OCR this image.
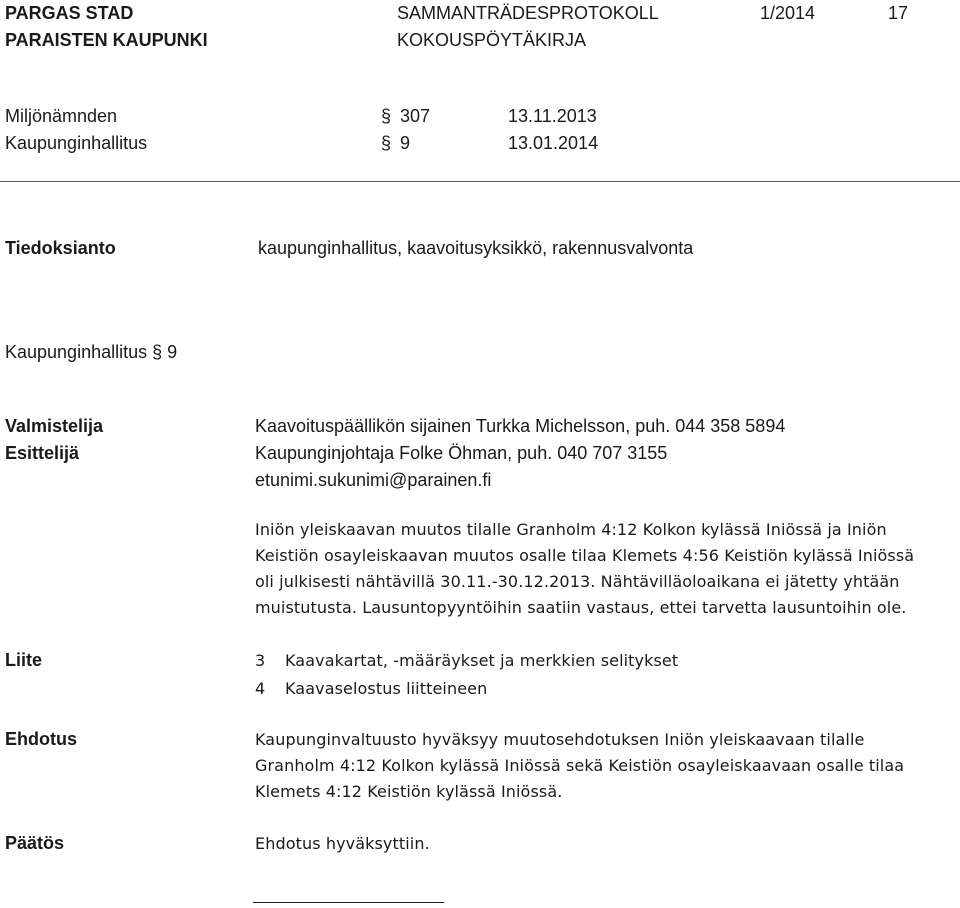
PARGAS STAD
PARAISTEN KAUPUNKI
SAMMANTRÄDESPROTOKOLL
KOKOUSPÖYTÄKIRJA
1/2014	17
Miljönämnden	§ 307	13.11.2013
Kaupunginhallitus	§ 9	13.01.2014
Tiedoksianto	kaupunginhallitus, kaavoitusyksikkö, rakennusvalvonta
Kaupunginhallitus § 9
Valmistelija	Kaavoituspäällikön sijainen Turkka Michelsson, puh. 044 358 5894
Esittelijä	Kaupunginjohtaja Folke Öhman, puh. 040 707 3155
etunimi.sukunimi@parainen.fi
Iniön yleiskaavan muutos tilalle Granholm 4:12 Kolkon kylässä Iniössä ja Iniön
Keistiön osayleiskaavan muutos osalle tilaa Klemets 4:56 Keistiön kylässä Iniössä
oli julkisesti nähtävillä 30.11.-30.12.2013. Nähtävilläoloaikana ei jätetty yhtään
muistutusta. Lausuntopyyntöihin saatiin vastaus, ettei tarvetta lausuntoihin ole.
Liite	3 Kaavakartat, -määräykset ja merkkien selitykset
4 Kaavaselostus liitteineen
Ehdotus	Kaupunginvaltuusto hyväksyy muutosehdotuksen Iniön yleiskaavaan tilalle
Granholm 4:12 Kolkon kylässä Iniössä sekä Keistiön osayleiskaavaan osalle tilaa
Klemets 4:12 Keistiön kylässä Iniössä.
Päätös	Ehdotus hyväksyttiin.
